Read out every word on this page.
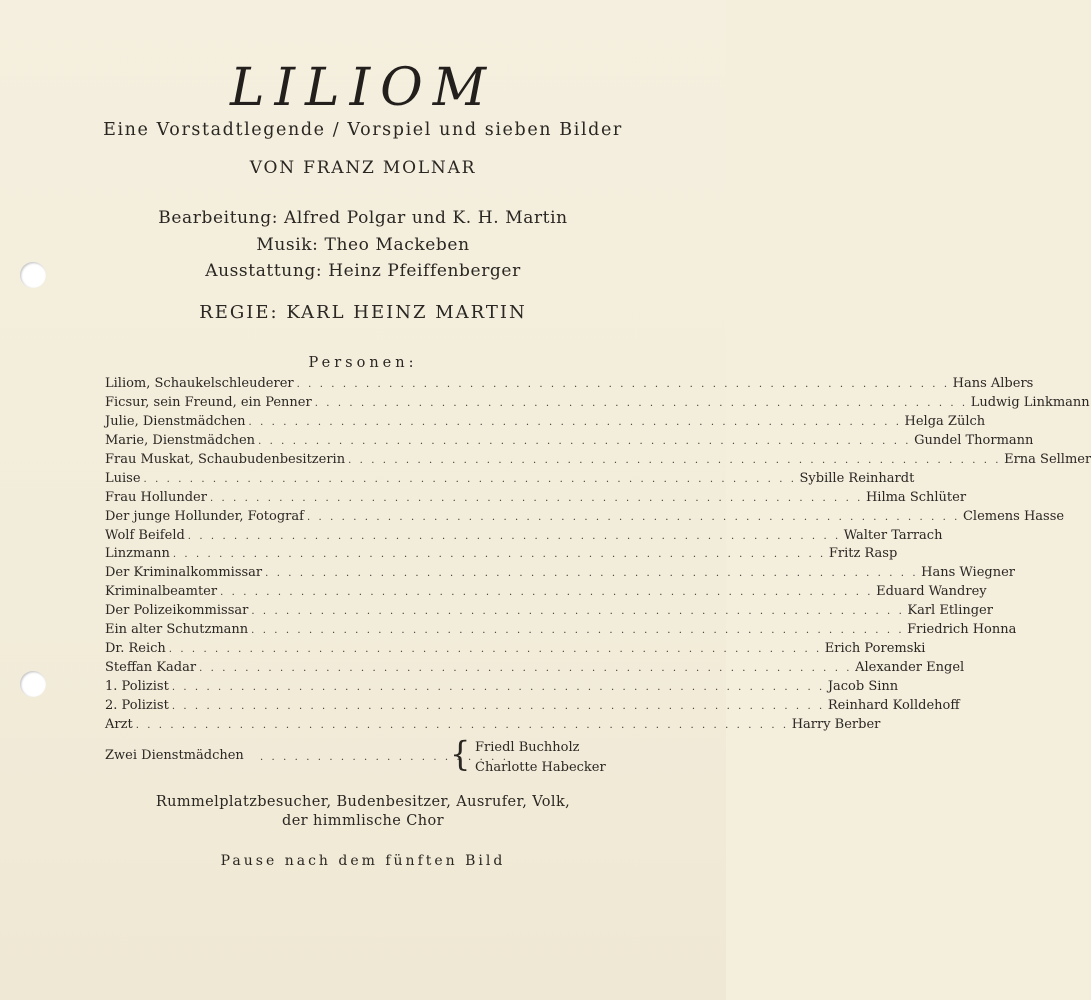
LILIOM
Eine Vorstadtlegende / Vorspiel und sieben Bilder
VON FRANZ MOLNAR
Bearbeitung: Alfred Polgar und K. H. Martin
Musik: Theo Mackeben
Ausstattung: Heinz Pfeiffenberger
REGIE: KARL HEINZ MARTIN
Personen:
Liliom, Schaukelschleuderer . . . . . . . . . . . . . . . . . . . . . . . . . . . . . . . . . . . . . . . . . . . . . . . . . . . . . . . . . Hans Albers
Ficsur, sein Freund, ein Penner . . . . . . . . . . . . . . . . . . . . . . . . . . . . . . . . . . . . . . . . . . . . . . . . . . . . . . . . . Ludwig Linkmann
Julie, Dienstmädchen . . . . . . . . . . . . . . . . . . . . . . . . . . . . . . . . . . . . . . . . . . . . . . . . . . . . . . . . . Helga Zülch
Marie, Dienstmädchen . . . . . . . . . . . . . . . . . . . . . . . . . . . . . . . . . . . . . . . . . . . . . . . . . . . . . . . . . Gundel Thormann
Frau Muskat, Schaubudenbesitzerin . . . . . . . . . . . . . . . . . . . . . . . . . . . . . . . . . . . . . . . . . . . . . . . . . . . . . . . . . Erna Sellmer
Luise . . . . . . . . . . . . . . . . . . . . . . . . . . . . . . . . . . . . . . . . . . . . . . . . . . . . . . . . . Sybille Reinhardt
Frau Hollunder . . . . . . . . . . . . . . . . . . . . . . . . . . . . . . . . . . . . . . . . . . . . . . . . . . . . . . . . . Hilma Schlüter
Der junge Hollunder, Fotograf . . . . . . . . . . . . . . . . . . . . . . . . . . . . . . . . . . . . . . . . . . . . . . . . . . . . . . . . . Clemens Hasse
Wolf Beifeld . . . . . . . . . . . . . . . . . . . . . . . . . . . . . . . . . . . . . . . . . . . . . . . . . . . . . . . . . Walter Tarrach
Linzmann . . . . . . . . . . . . . . . . . . . . . . . . . . . . . . . . . . . . . . . . . . . . . . . . . . . . . . . . . Fritz Rasp
Der Kriminalkommissar . . . . . . . . . . . . . . . . . . . . . . . . . . . . . . . . . . . . . . . . . . . . . . . . . . . . . . . . . Hans Wiegner
Kriminalbeamter . . . . . . . . . . . . . . . . . . . . . . . . . . . . . . . . . . . . . . . . . . . . . . . . . . . . . . . . . Eduard Wandrey
Der Polizeikommissar . . . . . . . . . . . . . . . . . . . . . . . . . . . . . . . . . . . . . . . . . . . . . . . . . . . . . . . . . Karl Etlinger
Ein alter Schutzmann . . . . . . . . . . . . . . . . . . . . . . . . . . . . . . . . . . . . . . . . . . . . . . . . . . . . . . . . . Friedrich Honna
Dr. Reich . . . . . . . . . . . . . . . . . . . . . . . . . . . . . . . . . . . . . . . . . . . . . . . . . . . . . . . . . Erich Poremski
Steffan Kadar . . . . . . . . . . . . . . . . . . . . . . . . . . . . . . . . . . . . . . . . . . . . . . . . . . . . . . . . . Alexander Engel
1. Polizist . . . . . . . . . . . . . . . . . . . . . . . . . . . . . . . . . . . . . . . . . . . . . . . . . . . . . . . . . Jacob Sinn
2. Polizist . . . . . . . . . . . . . . . . . . . . . . . . . . . . . . . . . . . . . . . . . . . . . . . . . . . . . . . . . Reinhard Kolldehoff
Arzt . . . . . . . . . . . . . . . . . . . . . . . . . . . . . . . . . . . . . . . . . . . . . . . . . . . . . . . . . Harry Berber
Zwei Dienstmädchen . . . . . . . . . . . . . . . . . . . . . .
{ Friedl Buchholz
Charlotte Habecker
Rummelplatzbesucher, Budenbesitzer, Ausrufer, Volk,
der himmlische Chor
Pause nach dem fünften Bild
